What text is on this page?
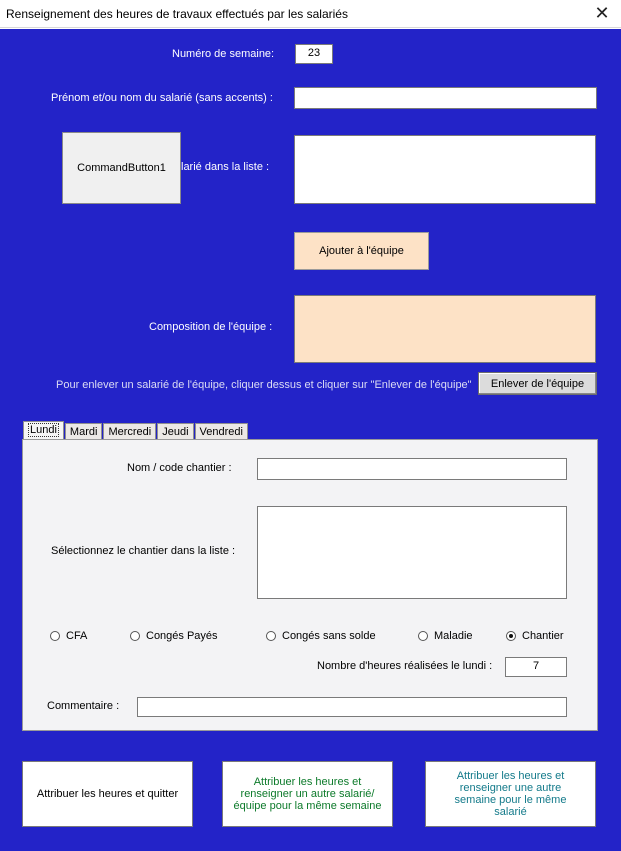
Renseignement des heures de travaux effectués par les salariés	✕
Numéro de semaine:	23
Prénom et/ou nom du salarié (sans accents) :
larié dans la liste :
CommandButton1
Ajouter à l'équipe
Composition de l'équipe :
Pour enlever un salarié de l'équipe, cliquer dessus et cliquer sur "Enlever de l'équipe"	Enlever de l'équipe
Lundi	Mardi	Mercredi	Jeudi	Vendredi
Nom / code chantier :
Sélectionnez le chantier dans la liste :
CFA	Congés Payés	Congés sans solde	Maladie	Chantier
Nombre d'heures réalisées le lundi :	7
Commentaire :
Attribuer les heures et quitter
Attribuer les heures et renseigner un autre salarié/ équipe pour la même semaine
Attribuer les heures et renseigner une autre semaine pour le même salarié
